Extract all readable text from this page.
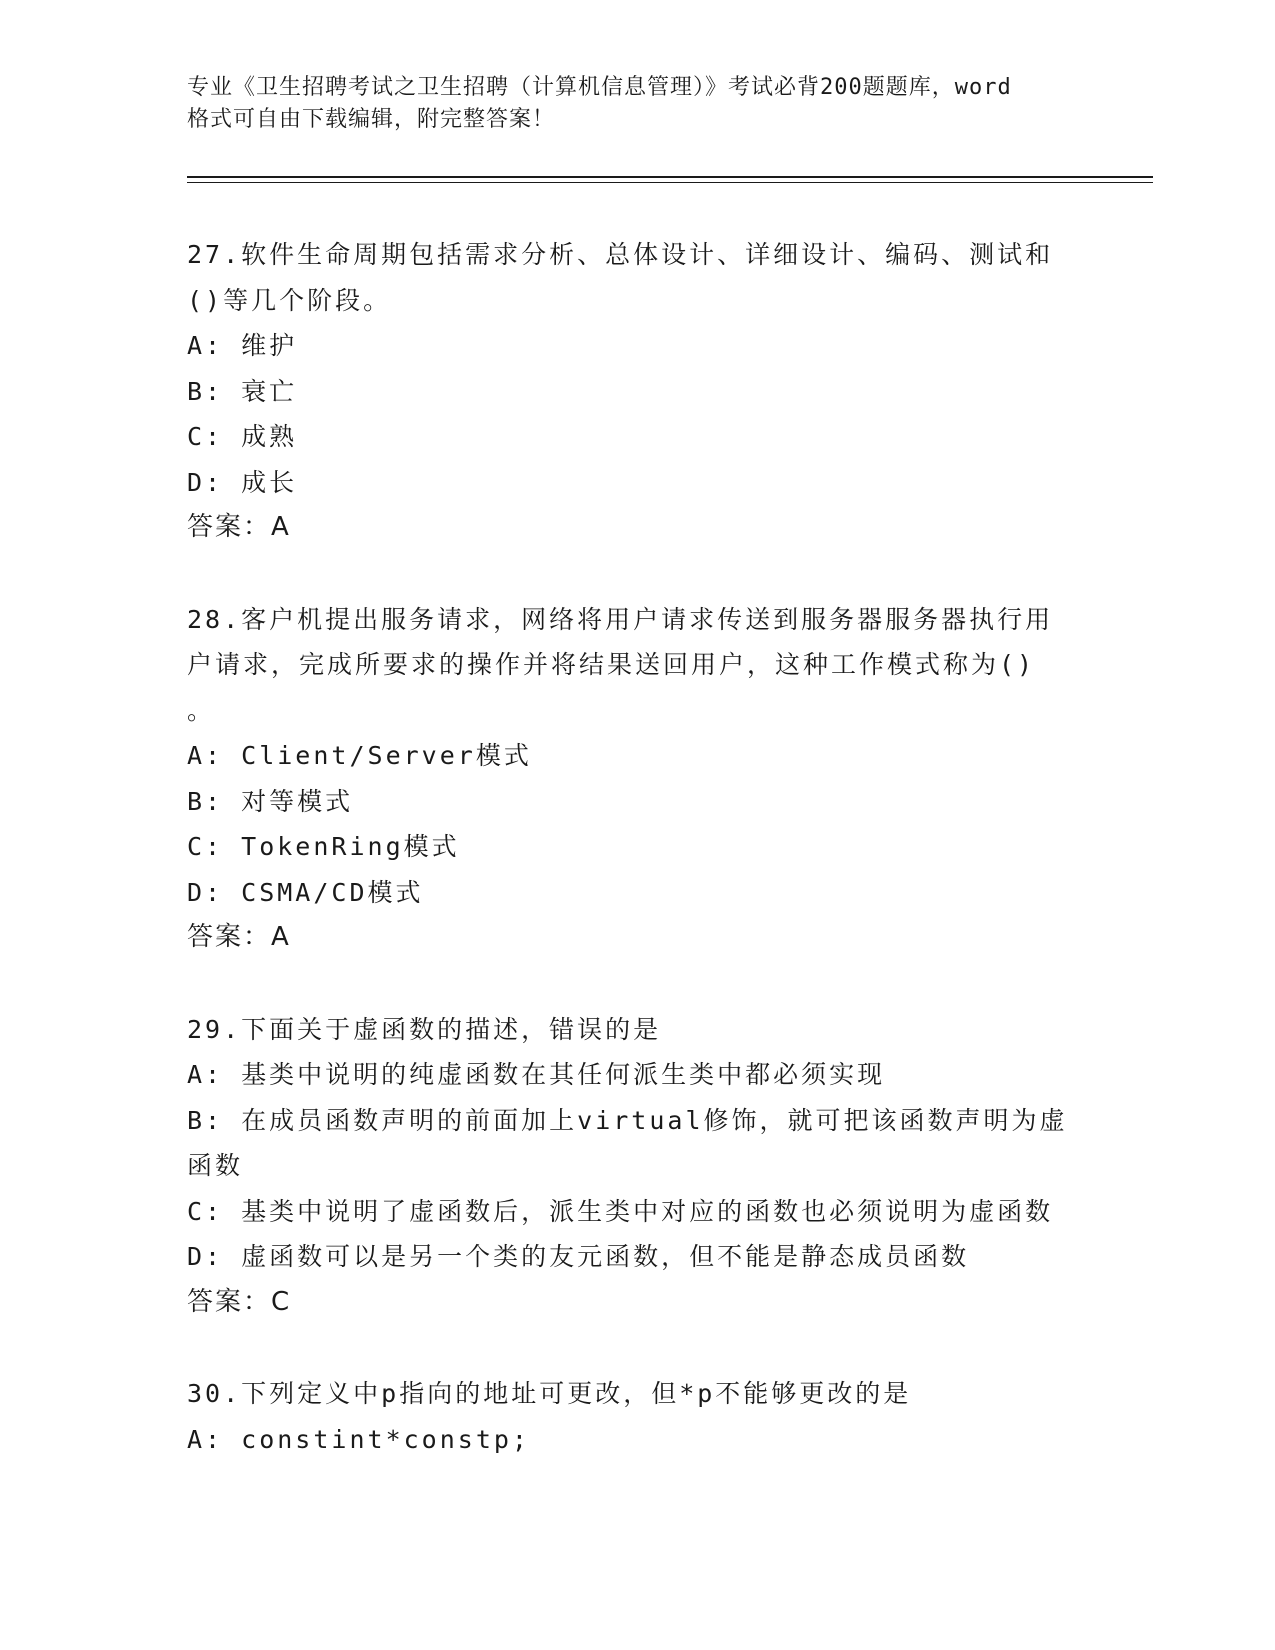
专业《卫生招聘考试之卫生招聘（计算机信息管理）》考试必背200题题库，word
格式可自由下载编辑，附完整答案！
27.软件生命周期包括需求分析、总体设计、详细设计、编码、测试和
()等几个阶段。
A: 维护
B: 衰亡
C: 成熟
D: 成长
答案：A
28.客户机提出服务请求，网络将用户请求传送到服务器服务器执行用
户请求，完成所要求的操作并将结果送回用户，这种工作模式称为()
。
A: Client/Server模式
B: 对等模式
C: TokenRing模式
D: CSMA/CD模式
答案：A
29.下面关于虚函数的描述，错误的是
A: 基类中说明的纯虚函数在其任何派生类中都必须实现
B: 在成员函数声明的前面加上virtual修饰，就可把该函数声明为虚
函数
C: 基类中说明了虚函数后，派生类中对应的函数也必须说明为虚函数
D: 虚函数可以是另一个类的友元函数，但不能是静态成员函数
答案：C
30.下列定义中p指向的地址可更改，但*p不能够更改的是
A: constint*constp;
